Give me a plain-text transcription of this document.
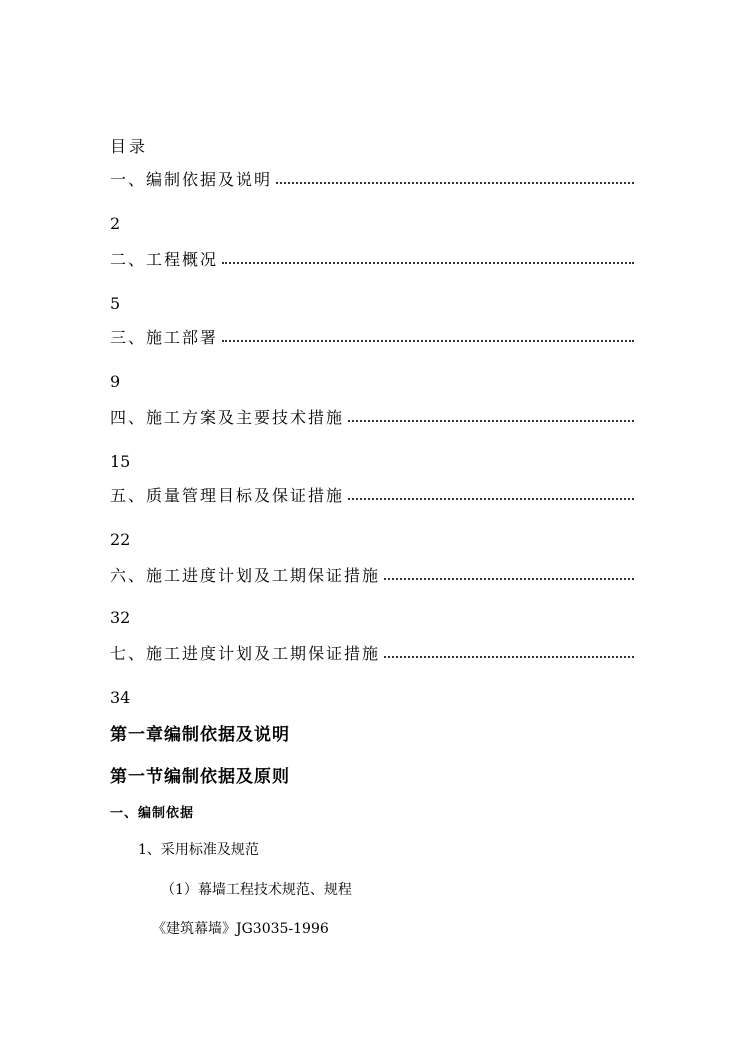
目录
一、编制依据及说明
2
二、工程概况
5
三、施工部署
9
四、施工方案及主要技术措施
15
五、质量管理目标及保证措施
22
六、施工进度计划及工期保证措施
32
七、施工进度计划及工期保证措施
34
第一章编制依据及说明
第一节编制依据及原则
一、编制依据
1、采用标准及规范
（1）幕墙工程技术规范、规程
《建筑幕墙》JG3035-1996
